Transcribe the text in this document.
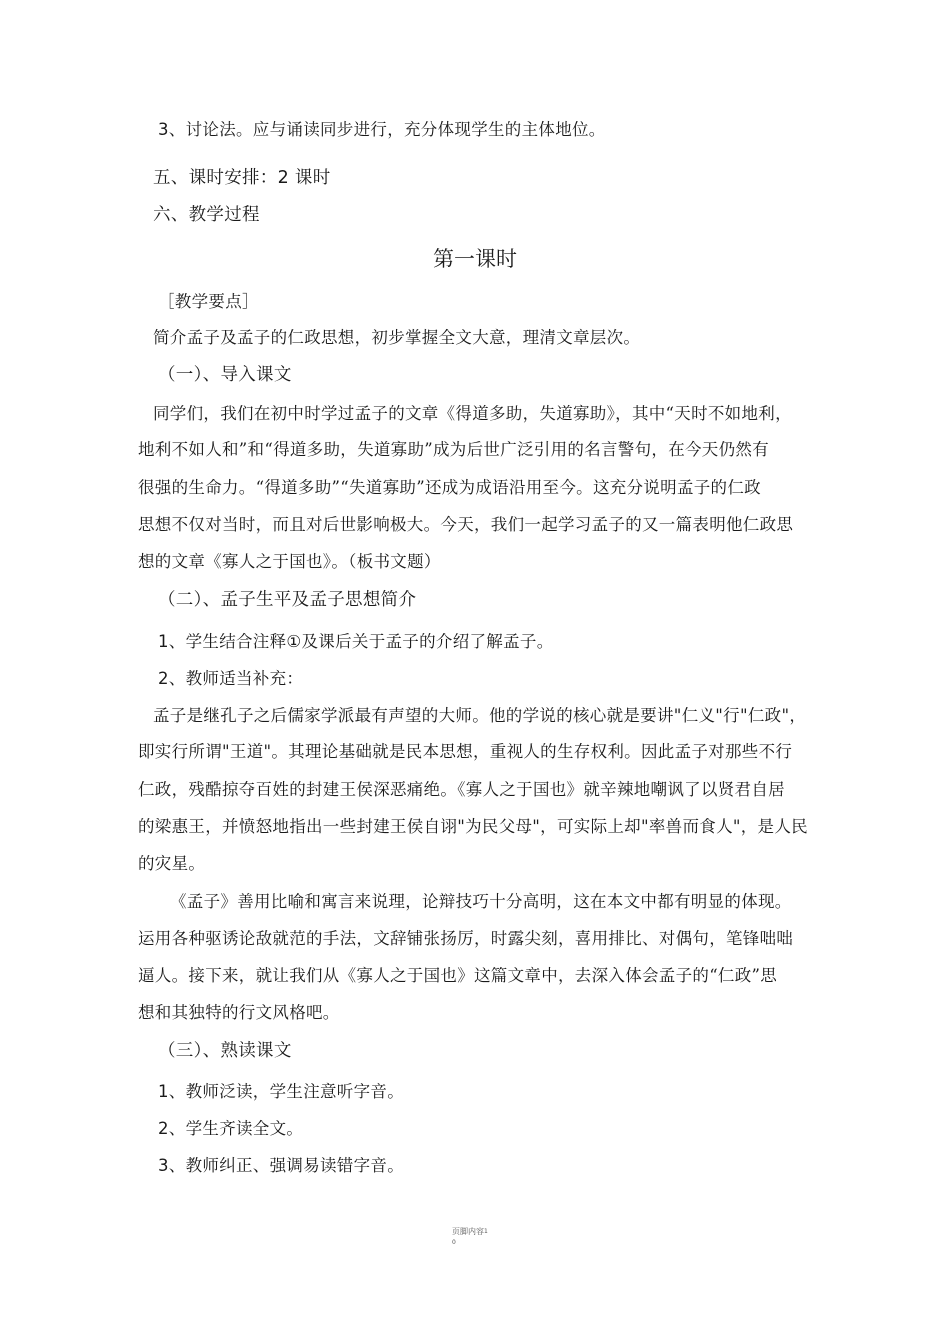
3、讨论法。应与诵读同步进行，充分体现学生的主体地位。
五、课时安排：2 课时
六、教学过程
第一课时
［教学要点］
简介孟子及孟子的仁政思想，初步掌握全文大意，理清文章层次。
（一）、导入课文
同学们，我们在初中时学过孟子的文章《得道多助，失道寡助》，其中“天时不如地利，
地利不如人和”和“得道多助，失道寡助”成为后世广泛引用的名言警句，在今天仍然有
很强的生命力。“得道多助”“失道寡助”还成为成语沿用至今。这充分说明孟子的仁政
思想不仅对当时，而且对后世影响极大。今天，我们一起学习孟子的又一篇表明他仁政思
想的文章《寡人之于国也》。（板书文题）
（二）、孟子生平及孟子思想简介
1、学生结合注释①及课后关于孟子的介绍了解孟子。
2、教师适当补充：
孟子是继孔子之后儒家学派最有声望的大师。他的学说的核心就是要讲"仁义"行"仁政"，
即实行所谓"王道"。其理论基础就是民本思想，重视人的生存权利。因此孟子对那些不行
仁政，残酷掠夺百姓的封建王侯深恶痛绝。《寡人之于国也》就辛辣地嘲讽了以贤君自居
的梁惠王，并愤怒地指出一些封建王侯自诩"为民父母"，可实际上却"率兽而食人"，是人民
的灾星。
《孟子》善用比喻和寓言来说理，论辩技巧十分高明，这在本文中都有明显的体现。
运用各种驱诱论敌就范的手法，文辞铺张扬厉，时露尖刻，喜用排比、对偶句，笔锋咄咄
逼人。接下来，就让我们从《寡人之于国也》这篇文章中，去深入体会孟子的“仁政”思
想和其独特的行文风格吧。
（三）、熟读课文
1、教师泛读，学生注意听字音。
2、学生齐读全文。
3、教师纠正、强调易读错字音。
页脚内容$^1$
0
